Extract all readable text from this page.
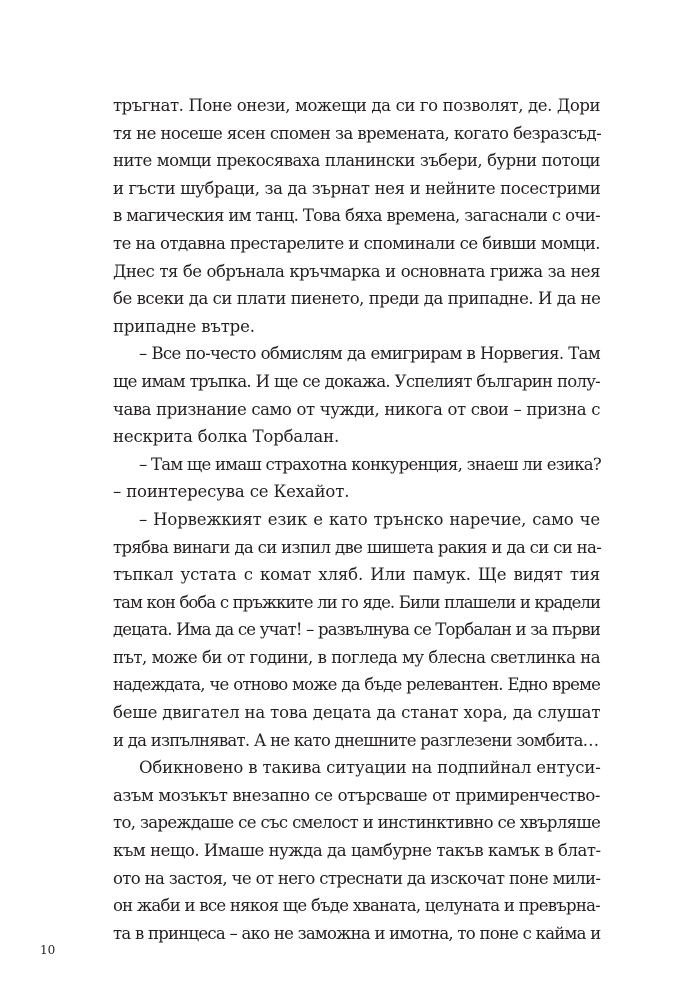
тръгнат. Поне онези, можещи да си го позволят, де. Дори
тя не носеше ясен спомен за времената, когато безразсъд-
ните момци прекосяваха планински зъбери, бурни потоци
и гъсти шубраци, за да зърнат нея и нейните посестрими
в магическия им танц. Това бяха времена, загаснали с очи-
те на отдавна престарелите и споминали се бивши момци.
Днес тя бе обрънала кръчмарка и основната грижа за нея
бе всеки да си плати пиенето, преди да припадне. И да не
припадне вътре.
– Все по-често обмислям да емигрирам в Норвегия. Там
ще имам тръпка. И ще се докажа. Успелият българин полу-
чава признание само от чужди, никога от свои – призна с
нескрита болка Торбалан.
– Там ще имаш страхотна конкуренция, знаеш ли езика?
– поинтересува се Кехайот.
– Норвежкият език е като трънско наречие, само че
трябва винаги да си изпил две шишета ракия и да си си на-
тъпкал устата с комат хляб. Или памук. Ще видят тия
там кон боба с пръжките ли го яде. Били плашели и крадели
децата. Има да се учат! – развълнува се Торбалан и за първи
път, може би от години, в погледа му блесна светлинка на
надеждата, че отново може да бъде релевантен. Едно време
беше двигател на това децата да станат хора, да слушат
и да изпълняват. А не като днешните разглезени зомбита…
Обикновено в такива ситуации на подпийнал ентуси-
азъм мозъкът внезапно се отърсваше от примиренчество-
то, зареждаше се със смелост и инстинктивно се хвърляше
към нещо. Имаше нужда да цамбурне такъв камък в блат-
ото на застоя, че от него стреснати да изскочат поне мили-
он жаби и все някоя ще бъде хваната, целуната и превърна-
та в принцеса – ако не заможна и имотна, то поне с каймa и
10
